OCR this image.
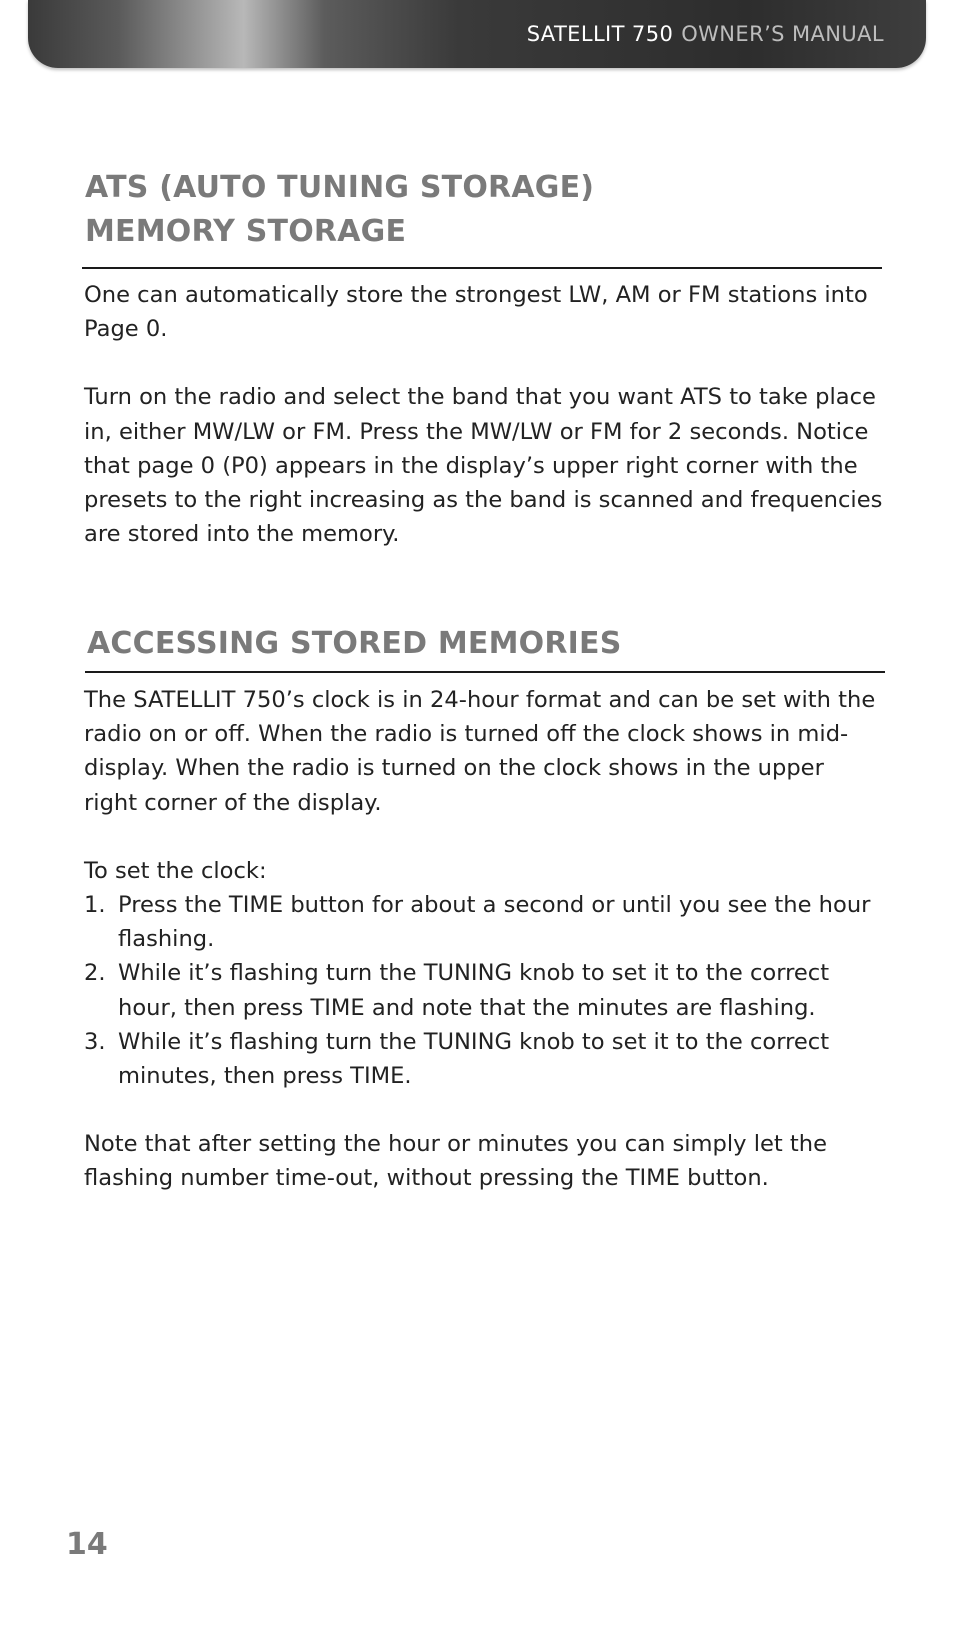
SATELLIT 750 OWNER’S MANUAL
ATS (AUTO TUNING STORAGE)
MEMORY STORAGE

One can automatically store the strongest LW, AM or FM stations into Page 0.

Turn on the radio and select the band that you want ATS to take place in, either MW/LW or FM. Press the MW/LW or FM for 2 seconds. Notice that page 0 (P0) appears in the display’s upper right corner with the presets to the right increasing as the band is scanned and frequencies are stored into the memory.

ACCESSING STORED MEMORIES

The SATELLIT 750’s clock is in 24-hour format and can be set with the radio on or off. When the radio is turned off the clock shows in mid-display. When the radio is turned on the clock shows in the upper right corner of the display.

To set the clock:

1. Press the TIME button for about a second or until you see the hour flashing.
2. While it’s flashing turn the TUNING knob to set it to the correct hour, then press TIME and note that the minutes are flashing.
3. While it’s flashing turn the TUNING knob to set it to the correct minutes, then press TIME.

Note that after setting the hour or minutes you can simply let the flashing number time-out, without pressing the TIME button.

14
